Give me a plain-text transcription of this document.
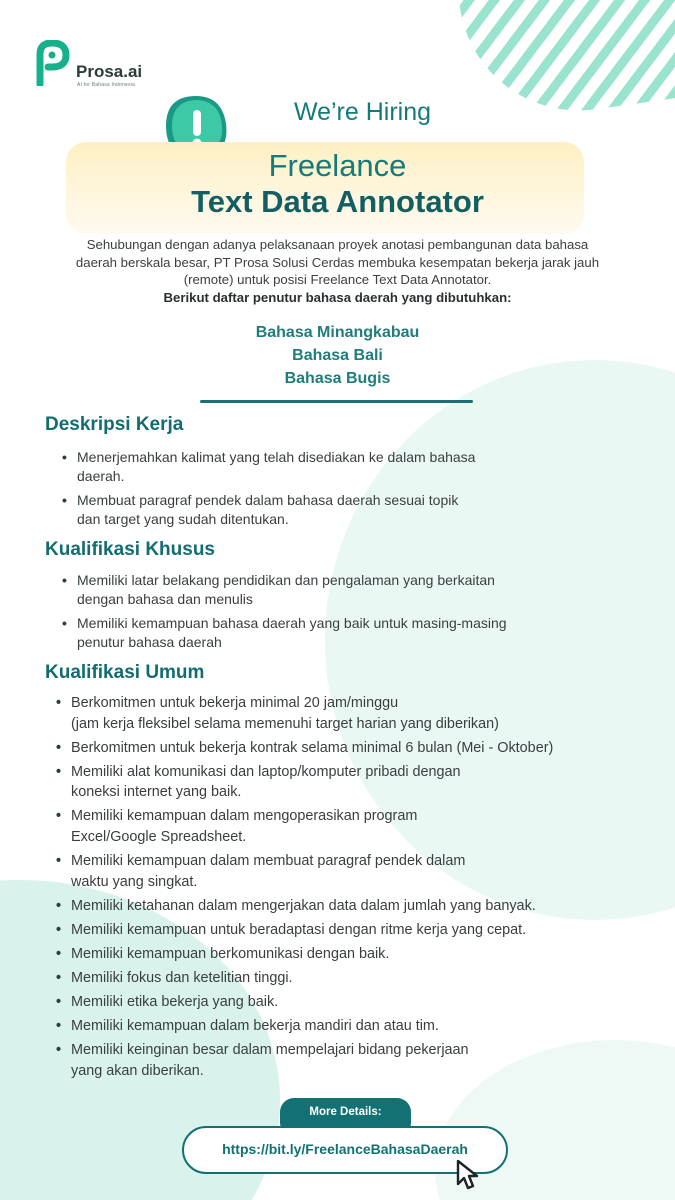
Prosa.ai
AI for Bahasa Indonesia
We’re Hiring
Freelance
Text Data Annotator

Sehubungan dengan adanya pelaksanaan proyek anotasi pembangunan data bahasa

daerah berskala besar, PT Prosa Solusi Cerdas membuka kesempatan bekerja jarak jauh

(remote) untuk posisi Freelance Text Data Annotator.

Berikut daftar penutur bahasa daerah yang dibutuhkan:

Bahasa Minangkabau
Bahasa Bali
Bahasa Bugis
Deskripsi Kerja
• Menerjemahkan kalimat yang telah disediakan ke dalam bahasa
daerah.
• Membuat paragraf pendek dalam bahasa daerah sesuai topik
dan target yang sudah ditentukan.
Kualifikasi Khusus
• Memiliki latar belakang pendidikan dan pengalaman yang berkaitan
dengan bahasa dan menulis
• Memiliki kemampuan bahasa daerah yang baik untuk masing-masing
penutur bahasa daerah
Kualifikasi Umum
• Berkomitmen untuk bekerja minimal 20 jam/minggu
(jam kerja fleksibel selama memenuhi target harian yang diberikan)
• Berkomitmen untuk bekerja kontrak selama minimal 6 bulan (Mei - Oktober)
• Memiliki alat komunikasi dan laptop/komputer pribadi dengan
koneksi internet yang baik.
• Memiliki kemampuan dalam mengoperasikan program
Excel/Google Spreadsheet.
• Memiliki kemampuan dalam membuat paragraf pendek dalam
waktu yang singkat.
• Memiliki ketahanan dalam mengerjakan data dalam jumlah yang banyak.
• Memiliki kemampuan untuk beradaptasi dengan ritme kerja yang cepat.
• Memiliki kemampuan berkomunikasi dengan baik.
• Memiliki fokus dan ketelitian tinggi.
• Memiliki etika bekerja yang baik.
• Memiliki kemampuan dalam bekerja mandiri dan atau tim.
• Memiliki keinginan besar dalam mempelajari bidang pekerjaan
yang akan diberikan.
More Details:
https://bit.ly/FreelanceBahasaDaerah
